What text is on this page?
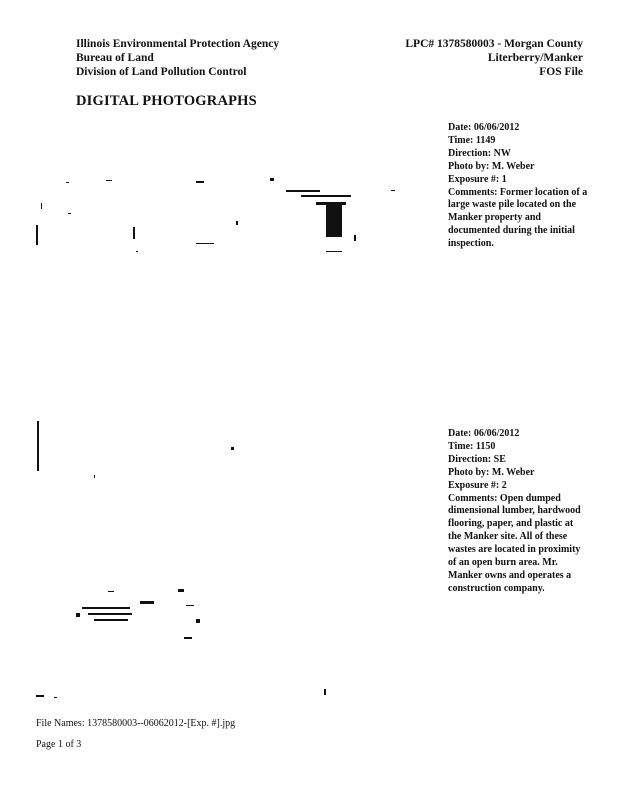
Illinois Environmental Protection Agency
Bureau of Land
Division of Land Pollution Control
LPC# 1378580003 - Morgan County
Literberry/Manker
FOS File
DIGITAL PHOTOGRAPHS
Date: 06/06/2012
Time: 1149
Direction: NW
Photo by: M. Weber
Exposure #: 1
Comments: Former location of a large waste pile located on the Manker property and documented during the initial inspection.
Date: 06/06/2012
Time: 1150
Direction: SE
Photo by: M. Weber
Exposure #: 2
Comments: Open dumped dimensional lumber, hardwood flooring, paper, and plastic at the Manker site. All of these wastes are located in proximity of an open burn area. Mr. Manker owns and operates a construction company.
File Names: 1378580003--06062012-[Exp. #].jpg
Page 1 of 3
